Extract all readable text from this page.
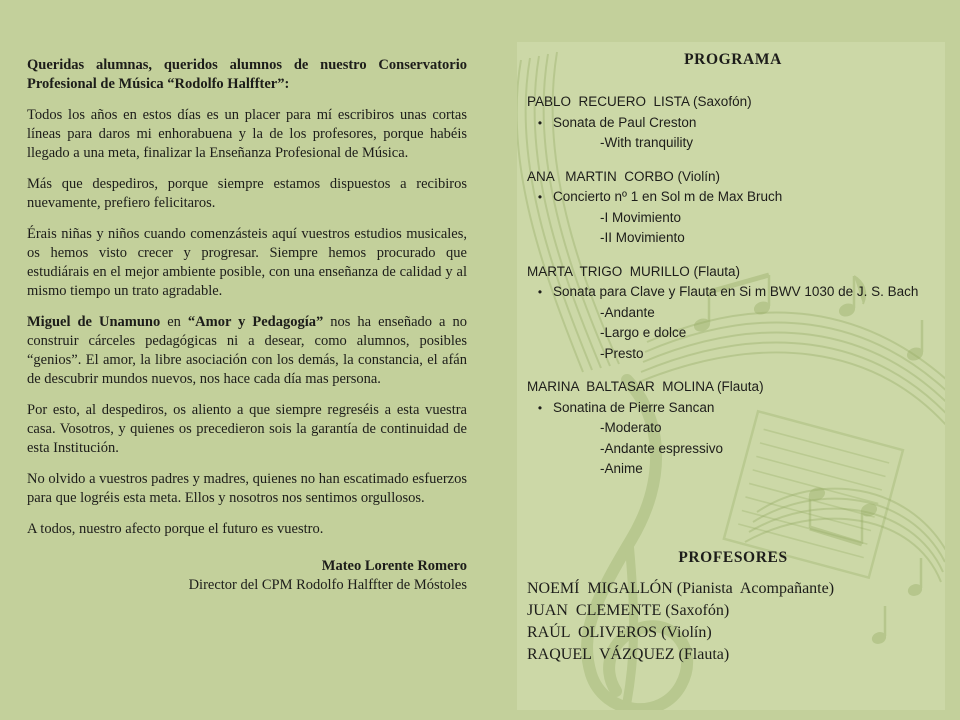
Queridas alumnas, queridos alumnos de nuestro Conservatorio Profesional de Música “Rodolfo Halffter”:

Todos los años en estos días es un placer para mí escribiros unas cortas líneas para daros mi enhorabuena y la de los profesores, porque habéis llegado a una meta, finalizar la Enseñanza Profesional de Música.

Más que despediros, porque siempre estamos dispuestos a recibiros nuevamente, prefiero felicitaros.

Érais niñas y niños cuando comenzásteis aquí vuestros estudios musicales, os hemos visto crecer y progresar. Siempre hemos procurado que estudiárais en el mejor ambiente posible, con una enseñanza de calidad y al mismo tiempo un trato agradable.

Miguel de Unamuno en “Amor y Pedagogía” nos ha enseñado a no construir cárceles pedagógicas ni a desear, como alumnos, posibles “genios”. El amor, la libre asociación con los demás, la constancia, el afán de descubrir mundos nuevos, nos hace cada día mas persona.

Por esto, al despediros, os aliento a que siempre regreséis a esta vuestra casa. Vosotros, y quienes os precedieron sois la garantía de continuidad de esta Institución.

No olvido a vuestros padres y madres, quienes no han escatimado esfuerzos para que logréis esta meta. Ellos y nosotros nos sentimos orgullosos.

A todos, nuestro afecto porque el futuro es vuestro.

Mateo Lorente Romero

Director del CPM Rodolfo Halffter de Móstoles

PROGRAMA
PABLO  RECUERO  LISTA (Saxofón)
• Sonata de Paul Creston
-With tranquility
ANA   MARTIN  CORBO (Violín)
• Concierto nº 1 en Sol m de Max Bruch
-I Movimiento
-II Movimiento
MARTA  TRIGO  MURILLO (Flauta)
• Sonata para Clave y Flauta en Si m BWV 1030 de J. S. Bach
-Andante
-Largo e dolce
-Presto
MARINA  BALTASAR  MOLINA (Flauta)
• Sonatina de Pierre Sancan
-Moderato
-Andante espressivo
-Anime
PROFESORES
NOEMÍ  MIGALLÓN (Pianista  Acompañante)
JUAN  CLEMENTE (Saxofón)
RAÚL  OLIVEROS (Violín)
RAQUEL  VÁZQUEZ (Flauta)
